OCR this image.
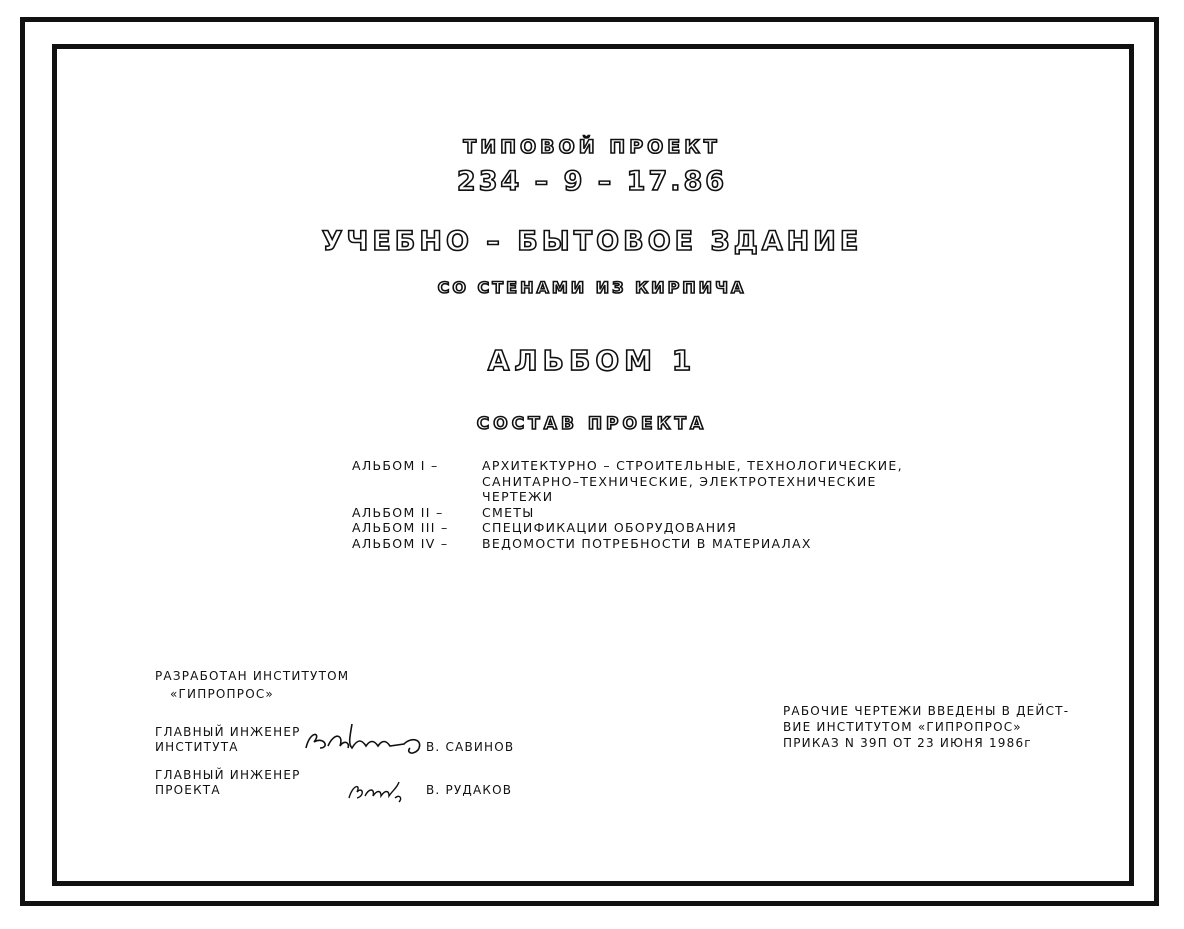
ТИПОВОЙ ПРОЕКТ
234 – 9 – 17.86
УЧЕБНО – БЫТОВОЕ ЗДАНИЕ
СО СТЕНАМИ ИЗ КИРПИЧА
АЛЬБОМ 1
СОСТАВ ПРОЕКТА
АЛЬБОМ I –	АРХИТЕКТУРНО – СТРОИТЕЛЬНЫЕ, ТЕХНОЛОГИЧЕСКИЕ,
САНИТАРНО–ТЕХНИЧЕСКИЕ, ЭЛЕКТРОТЕХНИЧЕСКИЕ
ЧЕРТЕЖИ
АЛЬБОМ II –	СМЕТЫ
АЛЬБОМ III –	СПЕЦИФИКАЦИИ ОБОРУДОВАНИЯ
АЛЬБОМ IV –	ВЕДОМОСТИ ПОТРЕБНОСТИ В МАТЕРИАЛАХ
РАЗРАБОТАН ИНСТИТУТОМ
«ГИПРОПРОС»
ГЛАВНЫЙ ИНЖЕНЕР
ИНСТИТУТА	В. САВИНОВ
ГЛАВНЫЙ ИНЖЕНЕР
ПРОЕКТА	В. РУДАКОВ
РАБОЧИЕ ЧЕРТЕЖИ ВВЕДЕНЫ В ДЕЙСТ-
ВИЕ ИНСТИТУТОМ «ГИПРОПРОС»
ПРИКАЗ N 39П ОТ 23 ИЮНЯ 1986г
